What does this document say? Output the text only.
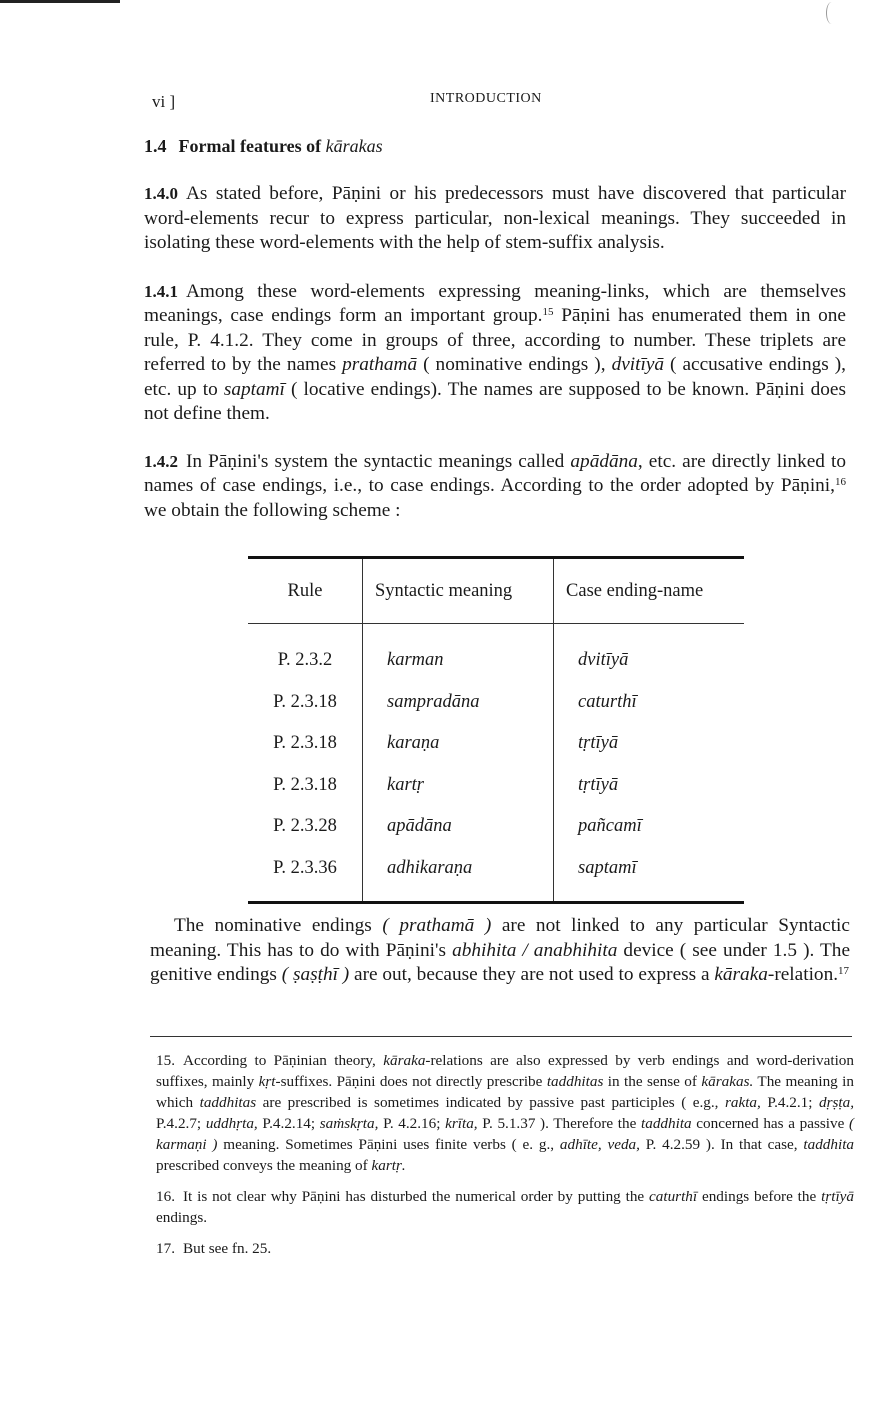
vi ]	INTRODUCTION
1.4 Formal features of kārakas

1.4.0 As stated before, Pāṇini or his predecessors must have discovered that particular word-elements recur to express particular, non-lexical meanings. They succeeded in isolating these word-elements with the help of stem-suffix analysis.

1.4.1 Among these word-elements expressing meaning-links, which are themselves meanings, case endings form an important group.$^{15}$ Pāṇini has enumerated them in one rule, P. 4.1.2. They come in groups of three, according to number. These triplets are referred to by the names prathamā ( nominative endings ), dvitīyā ( accusative endings ), etc. up to saptamī ( locative endings). The names are supposed to be known. Pāṇini does not define them.

1.4.2 In Pāṇini's system the syntactic meanings called apādāna, etc. are directly linked to names of case endings, i.e., to case endings. According to the order adopted by Pāṇini,$^{16}$ we obtain the following scheme :

Rule	Syntactic meaning	Case ending-name
P. 2.3.2	karman	dvitīyā
P. 2.3.18	sampradāna	caturthī
P. 2.3.18	karaṇa	tṛtīyā
P. 2.3.18	kartṛ	tṛtīyā
P. 2.3.28	apādāna	pañcamī
P. 2.3.36	adhikaraṇa	saptamī

The nominative endings ( prathamā ) are not linked to any particular Syntactic meaning. This has to do with Pāṇini's abhihita / anabhihita device ( see under 1.5 ). The genitive endings ( ṣaṣṭhī ) are out, because they are not used to express a kāraka-relation.$^{17}$

15. According to Pāṇinian theory, kāraka-relations are also expressed by verb endings and word-derivation suffixes, mainly kṛt-suffixes. Pāṇini does not directly prescribe taddhitas in the sense of kārakas. The meaning in which taddhitas are prescribed is sometimes indicated by passive past participles ( e.g., rakta, P.4.2.1; dṛṣṭa, P.4.2.7; uddhṛta, P.4.2.14; saṁskṛta, P. 4.2.16; krīta, P. 5.1.37 ). Therefore the taddhita concerned has a passive ( karmaṇi ) meaning. Sometimes Pāṇini uses finite verbs ( e. g., adhīte, veda, P. 4.2.59 ). In that case, taddhita prescribed conveys the meaning of kartṛ.

16. It is not clear why Pāṇini has disturbed the numerical order by putting the caturthī endings before the tṛtīyā endings.

17. But see fn. 25.
